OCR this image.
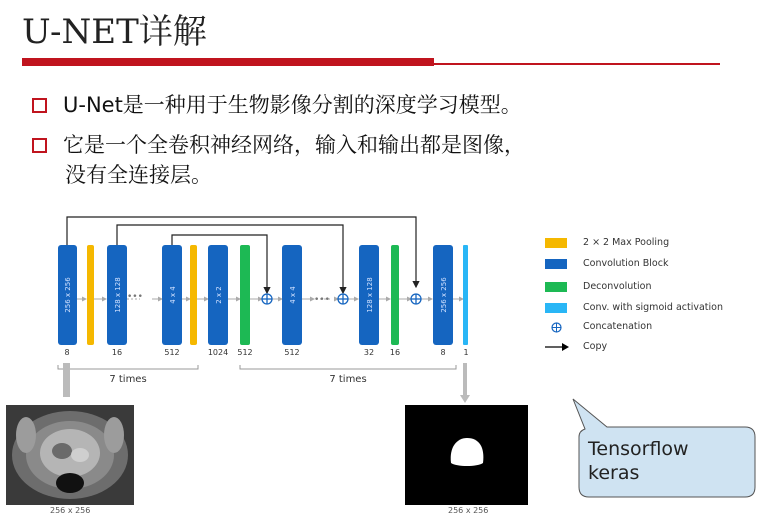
U-NET详解
U-Net是一种用于生物影像分割的深度学习模型。
它是一个全卷积神经网络，输入和输出都是图像，
没有全连接层。
•••	•••
256 x 256	128 x 128	4 x 4	2 x 2	4 x 4	128 x 128	256 x 256
8	16	512	1024 512	512	32 16	8 1
7 times	7 times
2 × 2 Max Pooling
Convolution Block
Deconvolution
Conv. with sigmoid activation
Concatenation
Copy
256 x 256	256 x 256
Tensorflow
keras
